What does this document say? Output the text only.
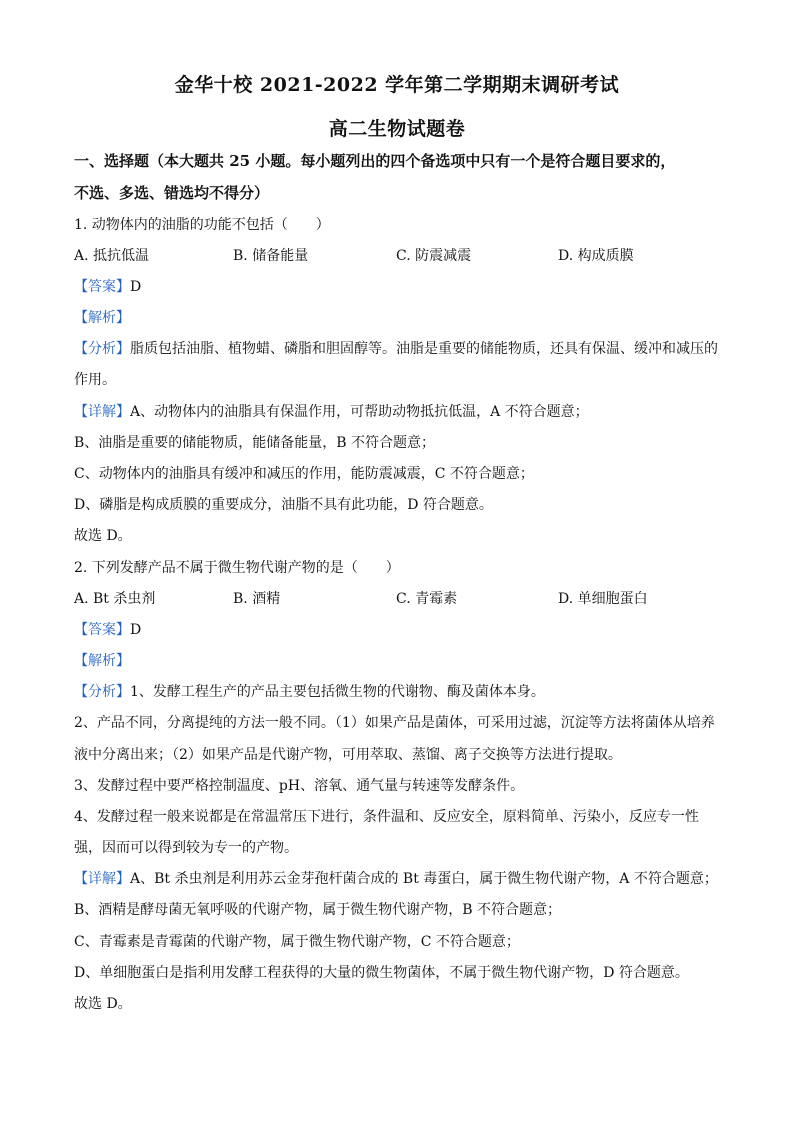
金华十校 2021-2022 学年第二学期期末调研考试
高二生物试题卷
一、选择题（本大题共 25 小题。每小题列出的四个备选项中只有一个是符合题目要求的，
不选、多选、错选均不得分）
1. 动物体内的油脂的功能不包括（　　）
A. 抵抗低温	B. 储备能量	C. 防震减震	D. 构成质膜
【答案】D
【解析】
【分析】脂质包括油脂、植物蜡、磷脂和胆固醇等。油脂是重要的储能物质，还具有保温、缓冲和减压的
作用。
【详解】A、动物体内的油脂具有保温作用，可帮助动物抵抗低温，A 不符合题意；
B、油脂是重要的储能物质，能储备能量，B 不符合题意；
C、动物体内的油脂具有缓冲和减压的作用，能防震减震，C 不符合题意；
D、磷脂是构成质膜的重要成分，油脂不具有此功能，D 符合题意。
故选 D。
2. 下列发酵产品不属于微生物代谢产物的是（　　）
A. Bt 杀虫剂	B. 酒精	C. 青霉素	D. 单细胞蛋白
【答案】D
【解析】
【分析】1、发酵工程生产的产品主要包括微生物的代谢物、酶及菌体本身。
2、产品不同，分离提纯的方法一般不同。（1）如果产品是菌体，可采用过滤，沉淀等方法将菌体从培养
液中分离出来；（2）如果产品是代谢产物，可用萃取、蒸馏、离子交换等方法进行提取。
3、发酵过程中要严格控制温度、pH、溶氧、通气量与转速等发酵条件。
4、发酵过程一般来说都是在常温常压下进行，条件温和、反应安全，原料简单、污染小，反应专一性
强，因而可以得到较为专一的产物。
【详解】A、Bt 杀虫剂是利用苏云金芽孢杆菌合成的 Bt 毒蛋白，属于微生物代谢产物，A 不符合题意；
B、酒精是酵母菌无氧呼吸的代谢产物，属于微生物代谢产物，B 不符合题意；
C、青霉素是青霉菌的代谢产物，属于微生物代谢产物，C 不符合题意；
D、单细胞蛋白是指利用发酵工程获得的大量的微生物菌体，不属于微生物代谢产物，D 符合题意。
故选 D。
